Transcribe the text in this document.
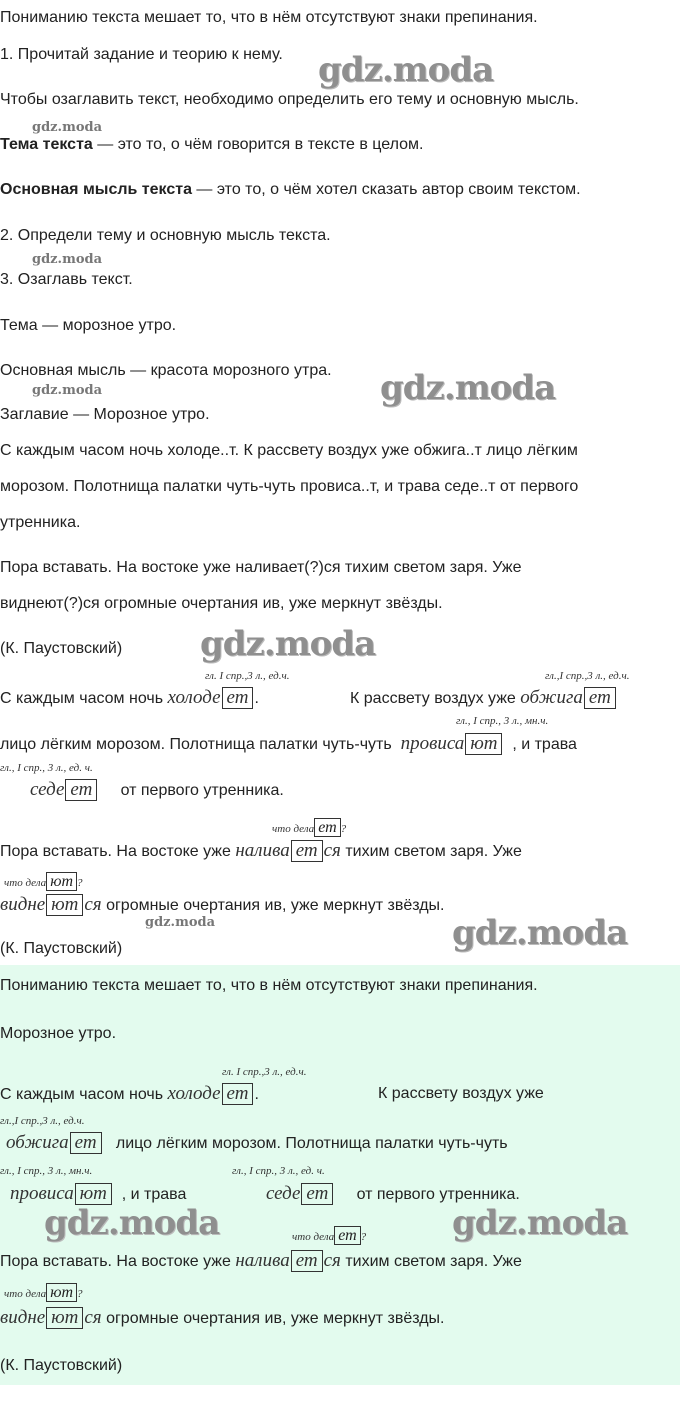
Пониманию текста мешает то, что в нём отсутствуют знаки препинания.
1. Прочитай задание и теорию к нему. gdz.moda
Чтобы озаглавить текст, необходимо определить его тему и основную мысль.
gdz.moda
Тема текста — это то, о чём говорится в тексте в целом.
Основная мысль текста — это то, о чём хотел сказать автор своим текстом.
2. Определи тему и основную мысль текста.
gdz.moda
3. Озаглавь текст.
Тема — морозное утро.
Основная мысль — красота морозного утра. gdz.moda
gdz.moda
Заглавие — Морозное утро.
С каждым часом ночь холоде..т. К рассвету воздух уже обжига..т лицо лёгким
морозом. Полотнища палатки чуть-чуть провиса..т, и трава седе..т от первого
утренника.
Пора вставать. На востоке уже наливает(?)ся тихим светом заря. Уже
виднеют(?)ся огромные очертания ив, уже меркнут звёзды.
(К. Паустовский) gdz.moda
гл. I спр.,3 л., ед.ч.	гл.,I спр.,3 л., ед.ч.
С каждым часом ночь холоде ет .	К рассвету воздух уже обжига ет
гл., I спр., 3 л., мн.ч.
лицо лёгким морозом. Полотнища палатки чуть-чуть провиса ют , и трава
гл., I спр., 3 л., ед. ч.
седе ет от первого утренника.
что дела ет ?
Пора вставать. На востоке уже налива ет ся тихим светом заря. Уже
что дела ют ?
видне ют ся огромные очертания ив, уже меркнут звёзды.
gdz.moda	gdz.moda
(К. Паустовский)
Пониманию текста мешает то, что в нём отсутствуют знаки препинания.
Морозное утро.
гл. I спр.,3 л., ед.ч.
С каждым часом ночь холоде ет .	К рассвету воздух уже
гл.,I спр.,3 л., ед.ч.
обжига ет лицо лёгким морозом. Полотнища палатки чуть-чуть
гл., I спр., 3 л., мн.ч.	гл., I спр., 3 л., ед. ч.
провиса ют , и трава	седе ет от первого утренника.
gdz.moda	gdz.moda
что дела ет ?
Пора вставать. На востоке уже налива ет ся тихим светом заря. Уже
что дела ют ?
видне ют ся огромные очертания ив, уже меркнут звёзды.
(К. Паустовский)
